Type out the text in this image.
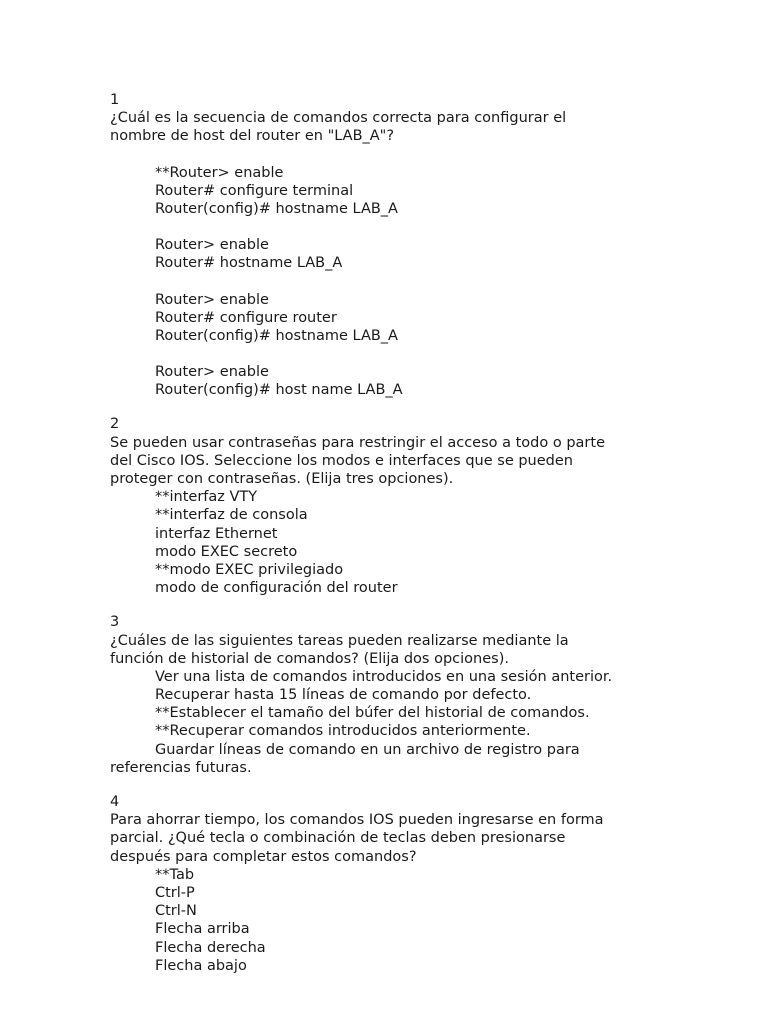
1
¿Cuál es la secuencia de comandos correcta para configurar el
nombre de host del router en "LAB_A"?
**Router> enable
Router# configure terminal
Router(config)# hostname LAB_A
Router> enable
Router# hostname LAB_A
Router> enable
Router# configure router
Router(config)# hostname LAB_A
Router> enable
Router(config)# host name LAB_A
2
Se pueden usar contraseñas para restringir el acceso a todo o parte
del Cisco IOS. Seleccione los modos e interfaces que se pueden
proteger con contraseñas. (Elija tres opciones).
**interfaz VTY
**interfaz de consola
interfaz Ethernet
modo EXEC secreto
**modo EXEC privilegiado
modo de configuración del router
3
¿Cuáles de las siguientes tareas pueden realizarse mediante la
función de historial de comandos? (Elija dos opciones).
Ver una lista de comandos introducidos en una sesión anterior.
Recuperar hasta 15 líneas de comando por defecto.
**Establecer el tamaño del búfer del historial de comandos.
**Recuperar comandos introducidos anteriormente.
Guardar líneas de comando en un archivo de registro para
referencias futuras.
4
Para ahorrar tiempo, los comandos IOS pueden ingresarse en forma
parcial. ¿Qué tecla o combinación de teclas deben presionarse
después para completar estos comandos?
**Tab
Ctrl-P
Ctrl-N
Flecha arriba
Flecha derecha
Flecha abajo
